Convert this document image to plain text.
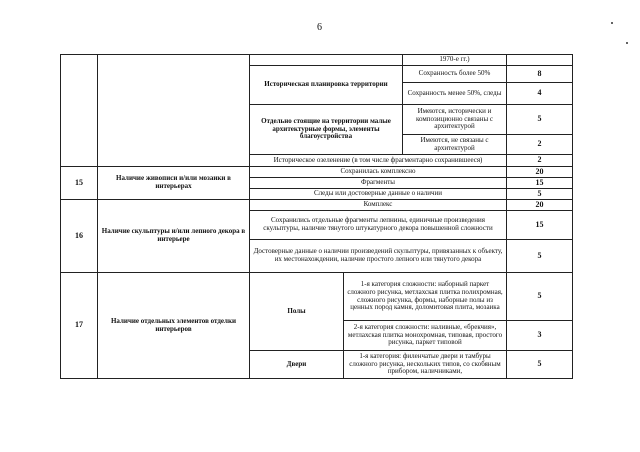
6
				1970-е гг.)	
		Историческая планировка территории		Сохранность более 50%	8
				Сохранность менее 50%, следы	4
		Отдельно стоящие на территории малые архитектурные формы, элементы благоустройства		Имеются, исторически и композиционно связаны с архитектурой	5
				Имеются, не связаны с архитектурой	2
		Историческое озеленение (в том числе фрагментарно сохранившееся)			2
15	Наличие живописи и/или мозаики в интерьерах	Сохранилась комплексно			20
		Фрагменты			15
		Следы или достоверные данные о наличии			5
16	Наличие скульптуры и/или лепного декора в интерьере	Комплекс			20
		Сохранились отдельные фрагменты лепнины, единичные произведения скульптуры, наличие тянутого штукатурного декора повышенной сложности			15
		Достоверные данные о наличии произведений скульптуры, привязанных к объекту, их местонахождении, наличие простого лепного или тянутого декора			5
17	Наличие отдельных элементов отделки интерьеров	Полы	1-я категория сложности: наборный паркет сложного рисунка, метлахская плитка полихромная, сложного рисунка, формы, наборные полы из ценных пород камня, доломитовая плита, мозаика		5
			2-я категория сложности: наливные, «брекчия», метлахская плитка монохромная, типовая, простого рисунка, паркет типовой		3
		Двери	1-я категория: филенчатые двери и тамбуры сложного рисунка, нескольких типов, со скобяным прибором, наличниками,		5
